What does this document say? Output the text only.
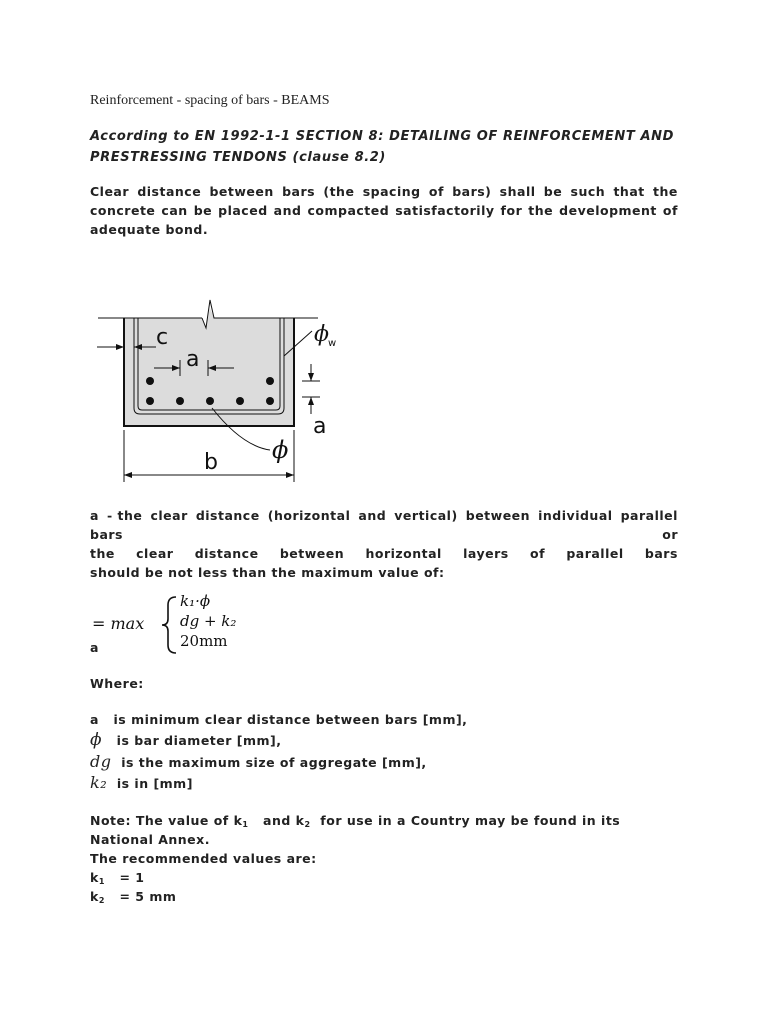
Reinforcement - spacing of bars - BEAMS
According to EN 1992-1-1 SECTION 8: DETAILING OF REINFORCEMENT AND
PRESTRESSING TENDONS (clause 8.2)
Clear distance between bars (the spacing of bars) shall be such that the
concrete can be placed and compacted satisfactorily for the development of
adequate bond.
c
a
ϕ w
a
ϕ
b
a - the clear distance (horizontal and vertical) between individual parallel
bars	or
the clear distance between horizontal layers of parallel bars
should be not less than the maximum value of:
a
= max
k₁·ϕ
dg + k₂
20mm
Where:
a is minimum clear distance between bars [mm],
ϕ is bar diameter [mm],
dg is the maximum size of aggregate [mm],
k₂ is in [mm]
Note: The value of $k_1$ and $k_2$ for use in a Country may be found in its
National Annex.
The recommended values are:
$k_1 = 1$
$k_2 = 5$ mm
